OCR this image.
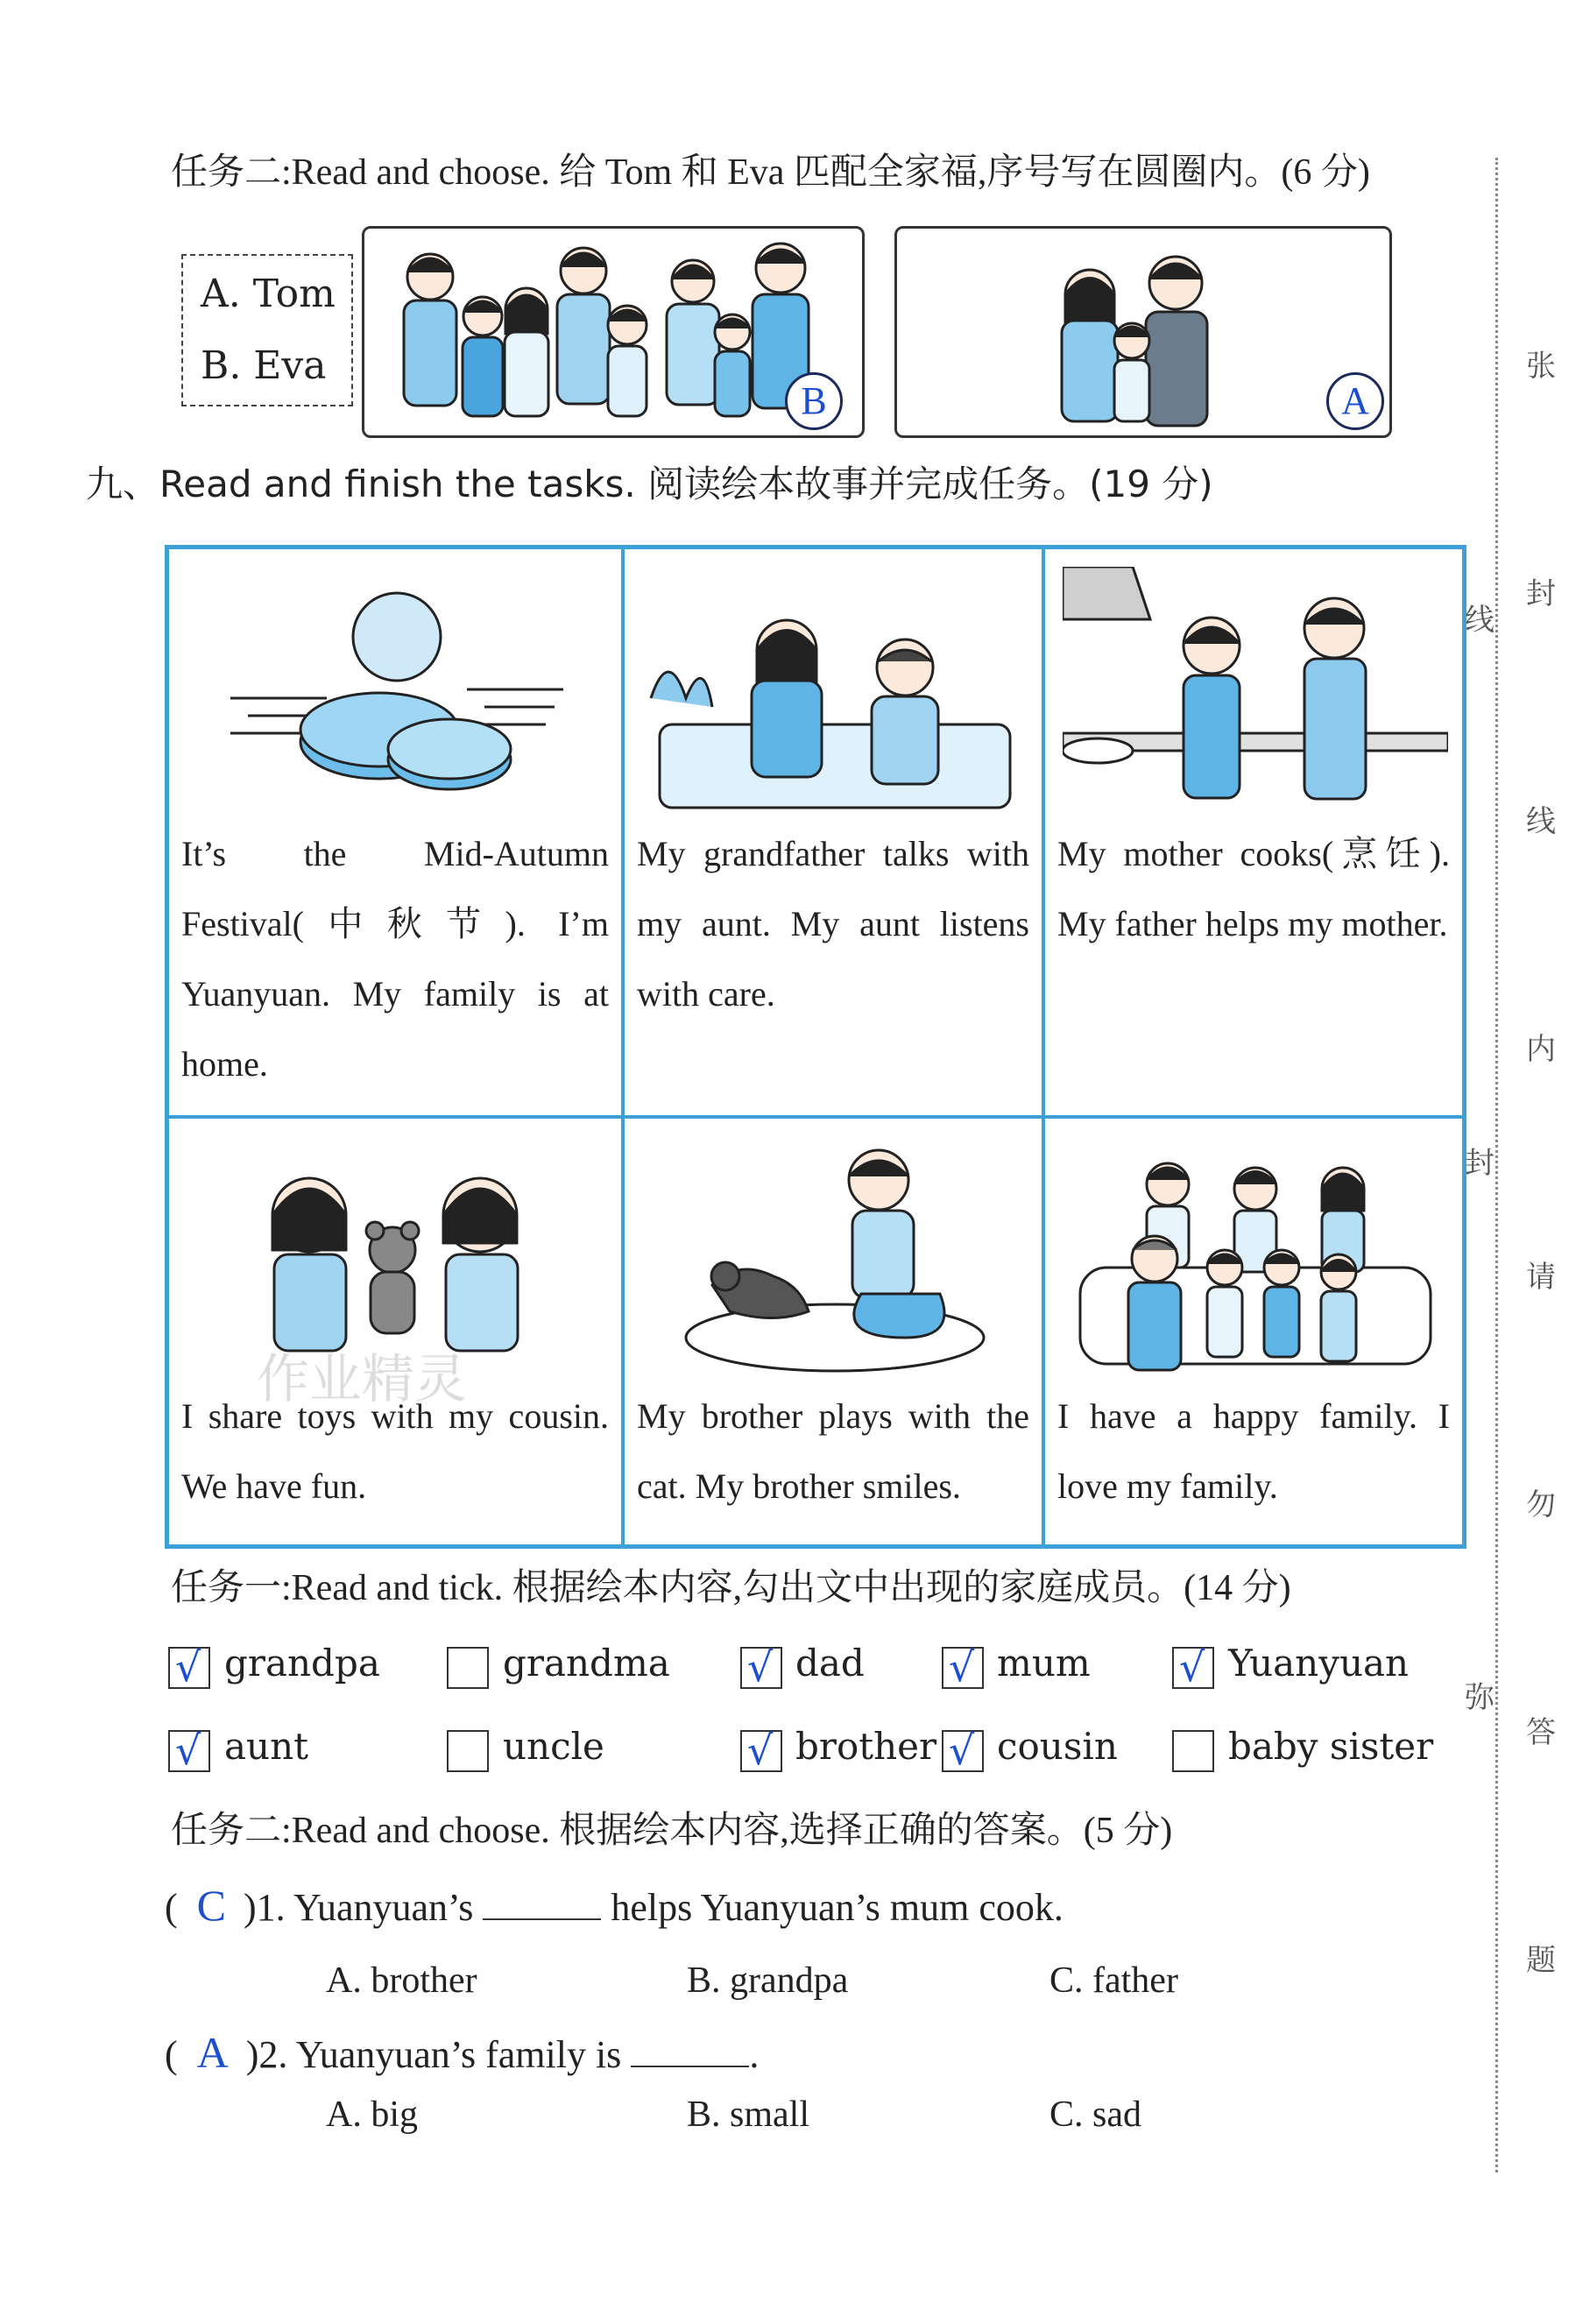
张
线
封
线
内
封
请
勿
弥
答
题
任务二:Read and choose. 给 Tom 和 Eva 匹配全家福,序号写在圆圈内。(6 分)
A. Tom
B. Eva
B	A
九、Read and finish the tasks. 阅读绘本故事并完成任务。(19 分)
It’s the Mid-Autumn Festival(中秋节). I’m Yuanyuan. My family is at home.
My grandfather talks with my aunt. My aunt listens with care.
My mother cooks(烹饪). My father helps my mother.
作业精灵
I share toys with my cousin. We have fun.
My brother plays with the cat. My brother smiles.
I have a happy family. I love my family.
任务一:Read and tick. 根据绘本内容,勾出文中出现的家庭成员。(14 分)
√ grandpa	grandma √ dad √ mum √ Yuanyuan
√ aunt	uncle	√ brother √ cousin	baby sister
任务二:Read and choose. 根据绘本内容,选择正确的答案。(5 分)
(  C )1. Yuanyuan’s	helps Yuanyuan’s mum cook.
A. brother	B. grandpa	C. father
(  A )2. Yuanyuan’s family is	.
A. big	B. small	C. sad
